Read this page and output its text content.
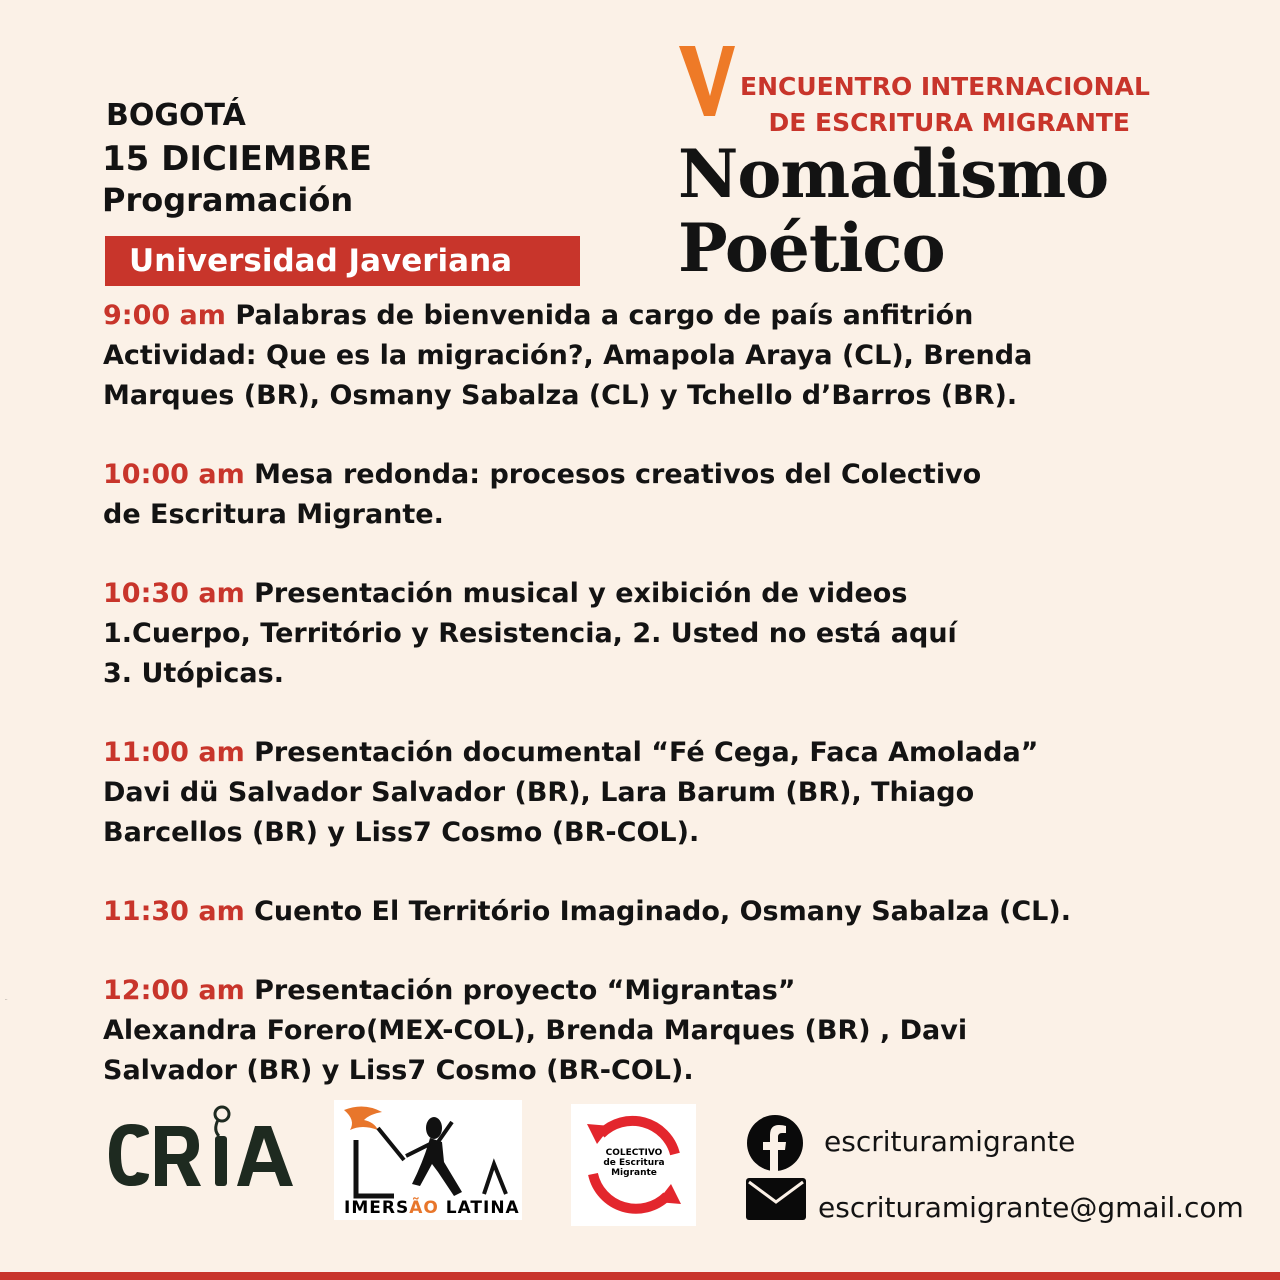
BOGOTÁ
15 DICIEMBRE
Programación
Universidad Javeriana
ENCUENTRO INTERNACIONAL
DE ESCRITURA MIGRANTE
Nomadismo
Poético
9:00 am Palabras de bienvenida a cargo de país anfitrión
Actividad: Que es la migración?, Amapola Araya (CL), Brenda
Marques (BR), Osmany Sabalza (CL) y Tchello d’Barros (BR).
10:00 am Mesa redonda: procesos creativos del Colectivo
de Escritura Migrante.
10:30 am Presentación musical y exibición de videos
1.Cuerpo, Território y Resistencia, 2. Usted no está aquí
3. Utópicas.
11:00 am Presentación documental “Fé Cega, Faca Amolada”
Davi dü Salvador Salvador (BR), Lara Barum (BR), Thiago
Barcellos (BR) y Liss7 Cosmo (BR-COL).
11:30 am Cuento El Território Imaginado, Osmany Sabalza (CL).
12:00 am Presentación proyecto “Migrantas”
Alexandra Forero(MEX-COL), Brenda Marques (BR) , Davi
Salvador (BR) y Liss7 Cosmo (BR-COL).
CRIA
IMERSÃO LATINA
COLECTIVO
de Escritura
Migrante
escrituramigrante
escrituramigrante@gmail.com
